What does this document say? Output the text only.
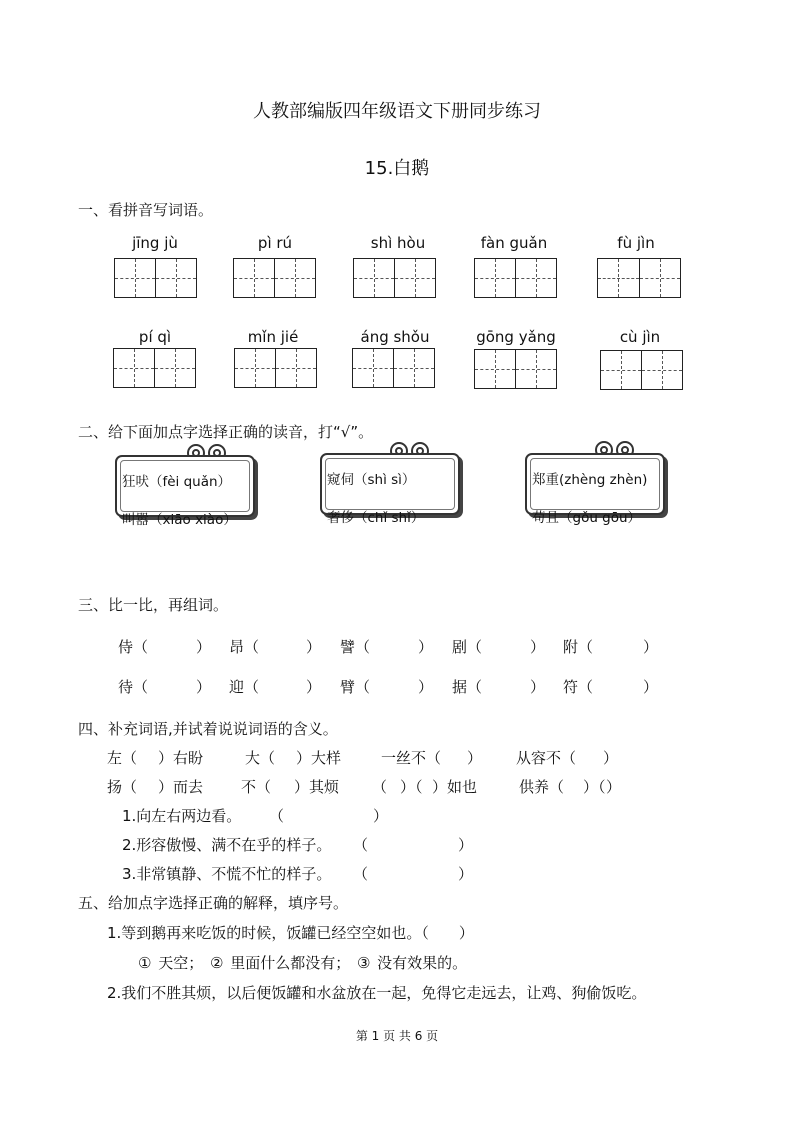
人教部编版四年级语文下册同步练习
15.白鹅
一、看拼音写词语。
jīng jù	pì rú	shì hòu	fàn guǎn	fù jìn
pí qì	mǐn jié	áng shǒu	gōng yǎng	cù jìn
二、给下面加点字选择正确的读音，打“√”。
狂吠（fèi quǎn）
叫嚣（xiāo xiào）
窥伺（shì sì）
奢侈（chǐ shǐ）
郑重(zhèng zhèn)
苟且（gǒu gōu）
三、比一比，再组词。
侍（	） 昂（	） 譬（	） 剧（	） 附（	）
待（	） 迎（	） 臂（	） 据（	） 符（	）
四、补充词语,并试着说说词语的含义。
左（ ）右盼	大（ ）大样	一丝不（ ） 从容不（ ）
扬（ ）而去	不（ ）其烦 （ ）（ ）如也	供养（ ）（ ）
1.向左右两边看。 （	）
2.形容傲慢、满不在乎的样子。 （	）
3.非常镇静、不慌不忙的样子。 （	）
五、给加点字选择正确的解释，填序号。
1.等到鹅再来吃饭的时候，饭罐已经空空如也。（　　）
① 天空； ② 里面什么都没有； ③ 没有效果的。
2.我们不胜其烦，以后便饭罐和水盆放在一起，免得它走远去，让鸡、狗偷饭吃。
第 1 页 共 6 页
